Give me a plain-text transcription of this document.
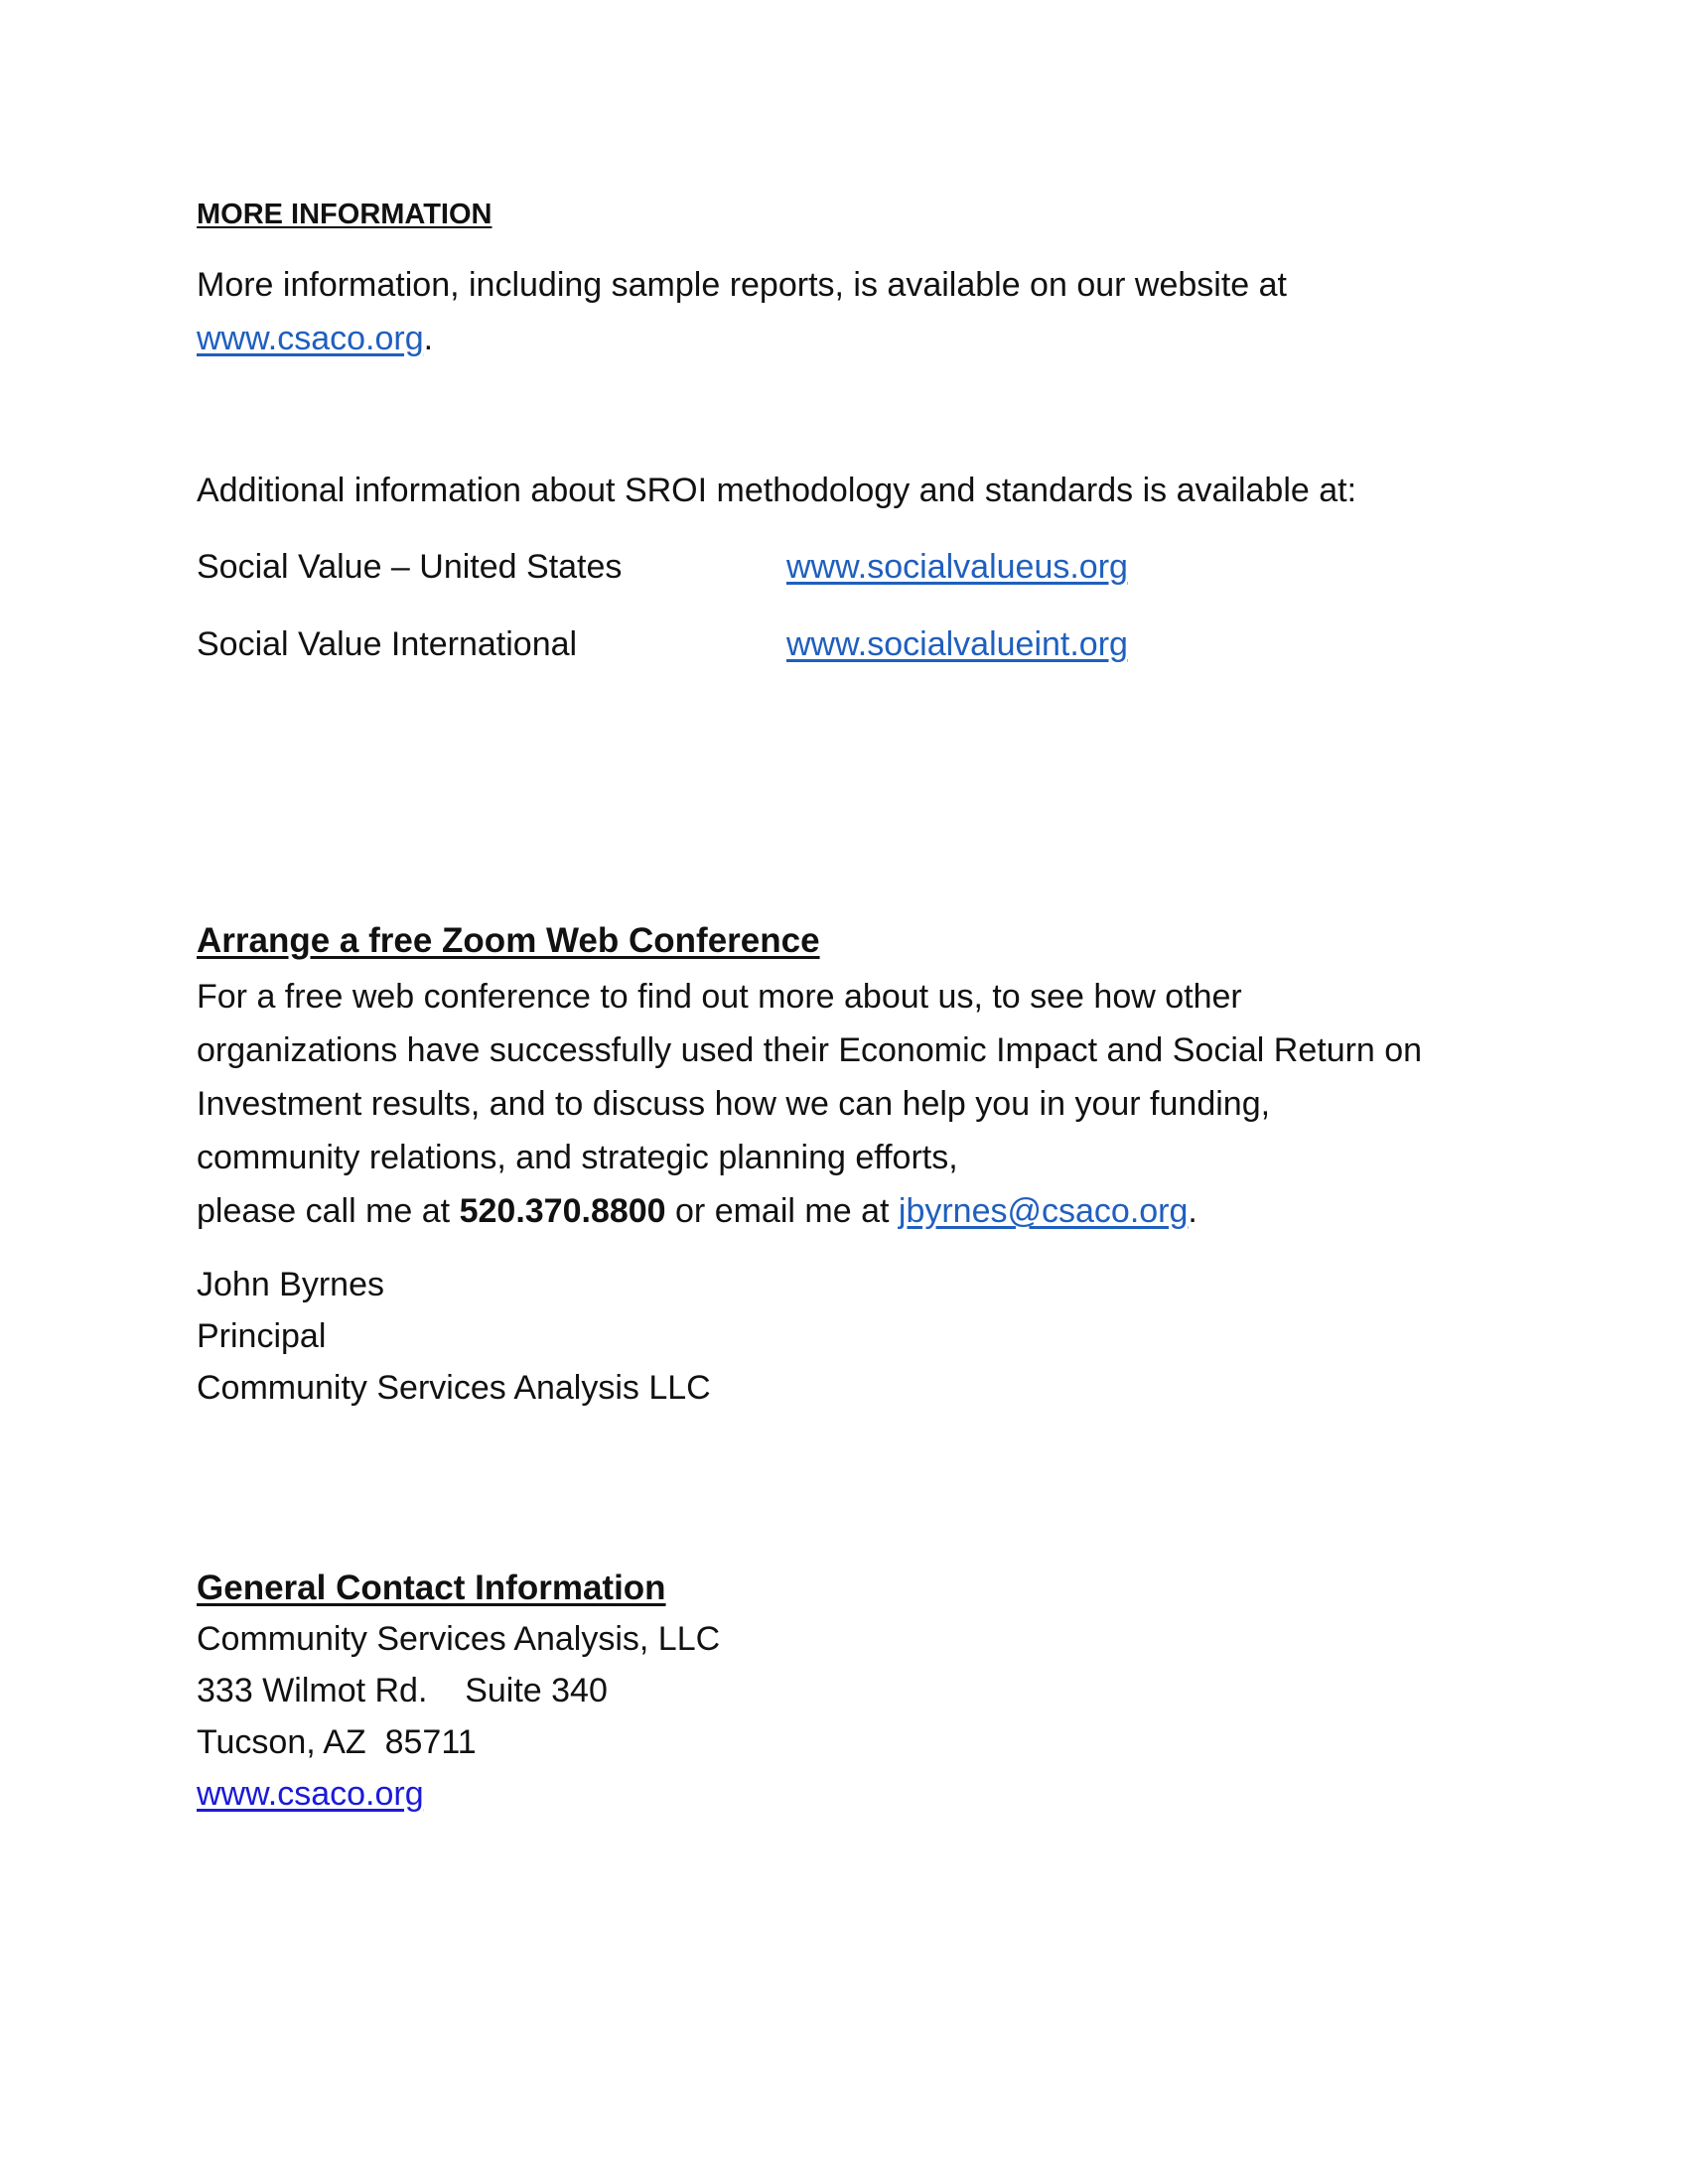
MORE INFORMATION
More information, including sample reports, is available on our website at
www.csaco.org.
Additional information about SROI methodology and standards is available at:
Social Value – United States	www.socialvalueus.org
Social Value International	www.socialvalueint.org
Arrange a free Zoom Web Conference
For a free web conference to find out more about us, to see how other
organizations have successfully used their Economic Impact and Social Return on
Investment results, and to discuss how we can help you in your funding,
community relations, and strategic planning efforts,
please call me at 520.370.8800 or email me at jbyrnes@csaco.org.
John Byrnes
Principal
Community Services Analysis LLC
General Contact Information
Community Services Analysis, LLC
333 Wilmot Rd.    Suite 340
Tucson, AZ  85711
www.csaco.org
